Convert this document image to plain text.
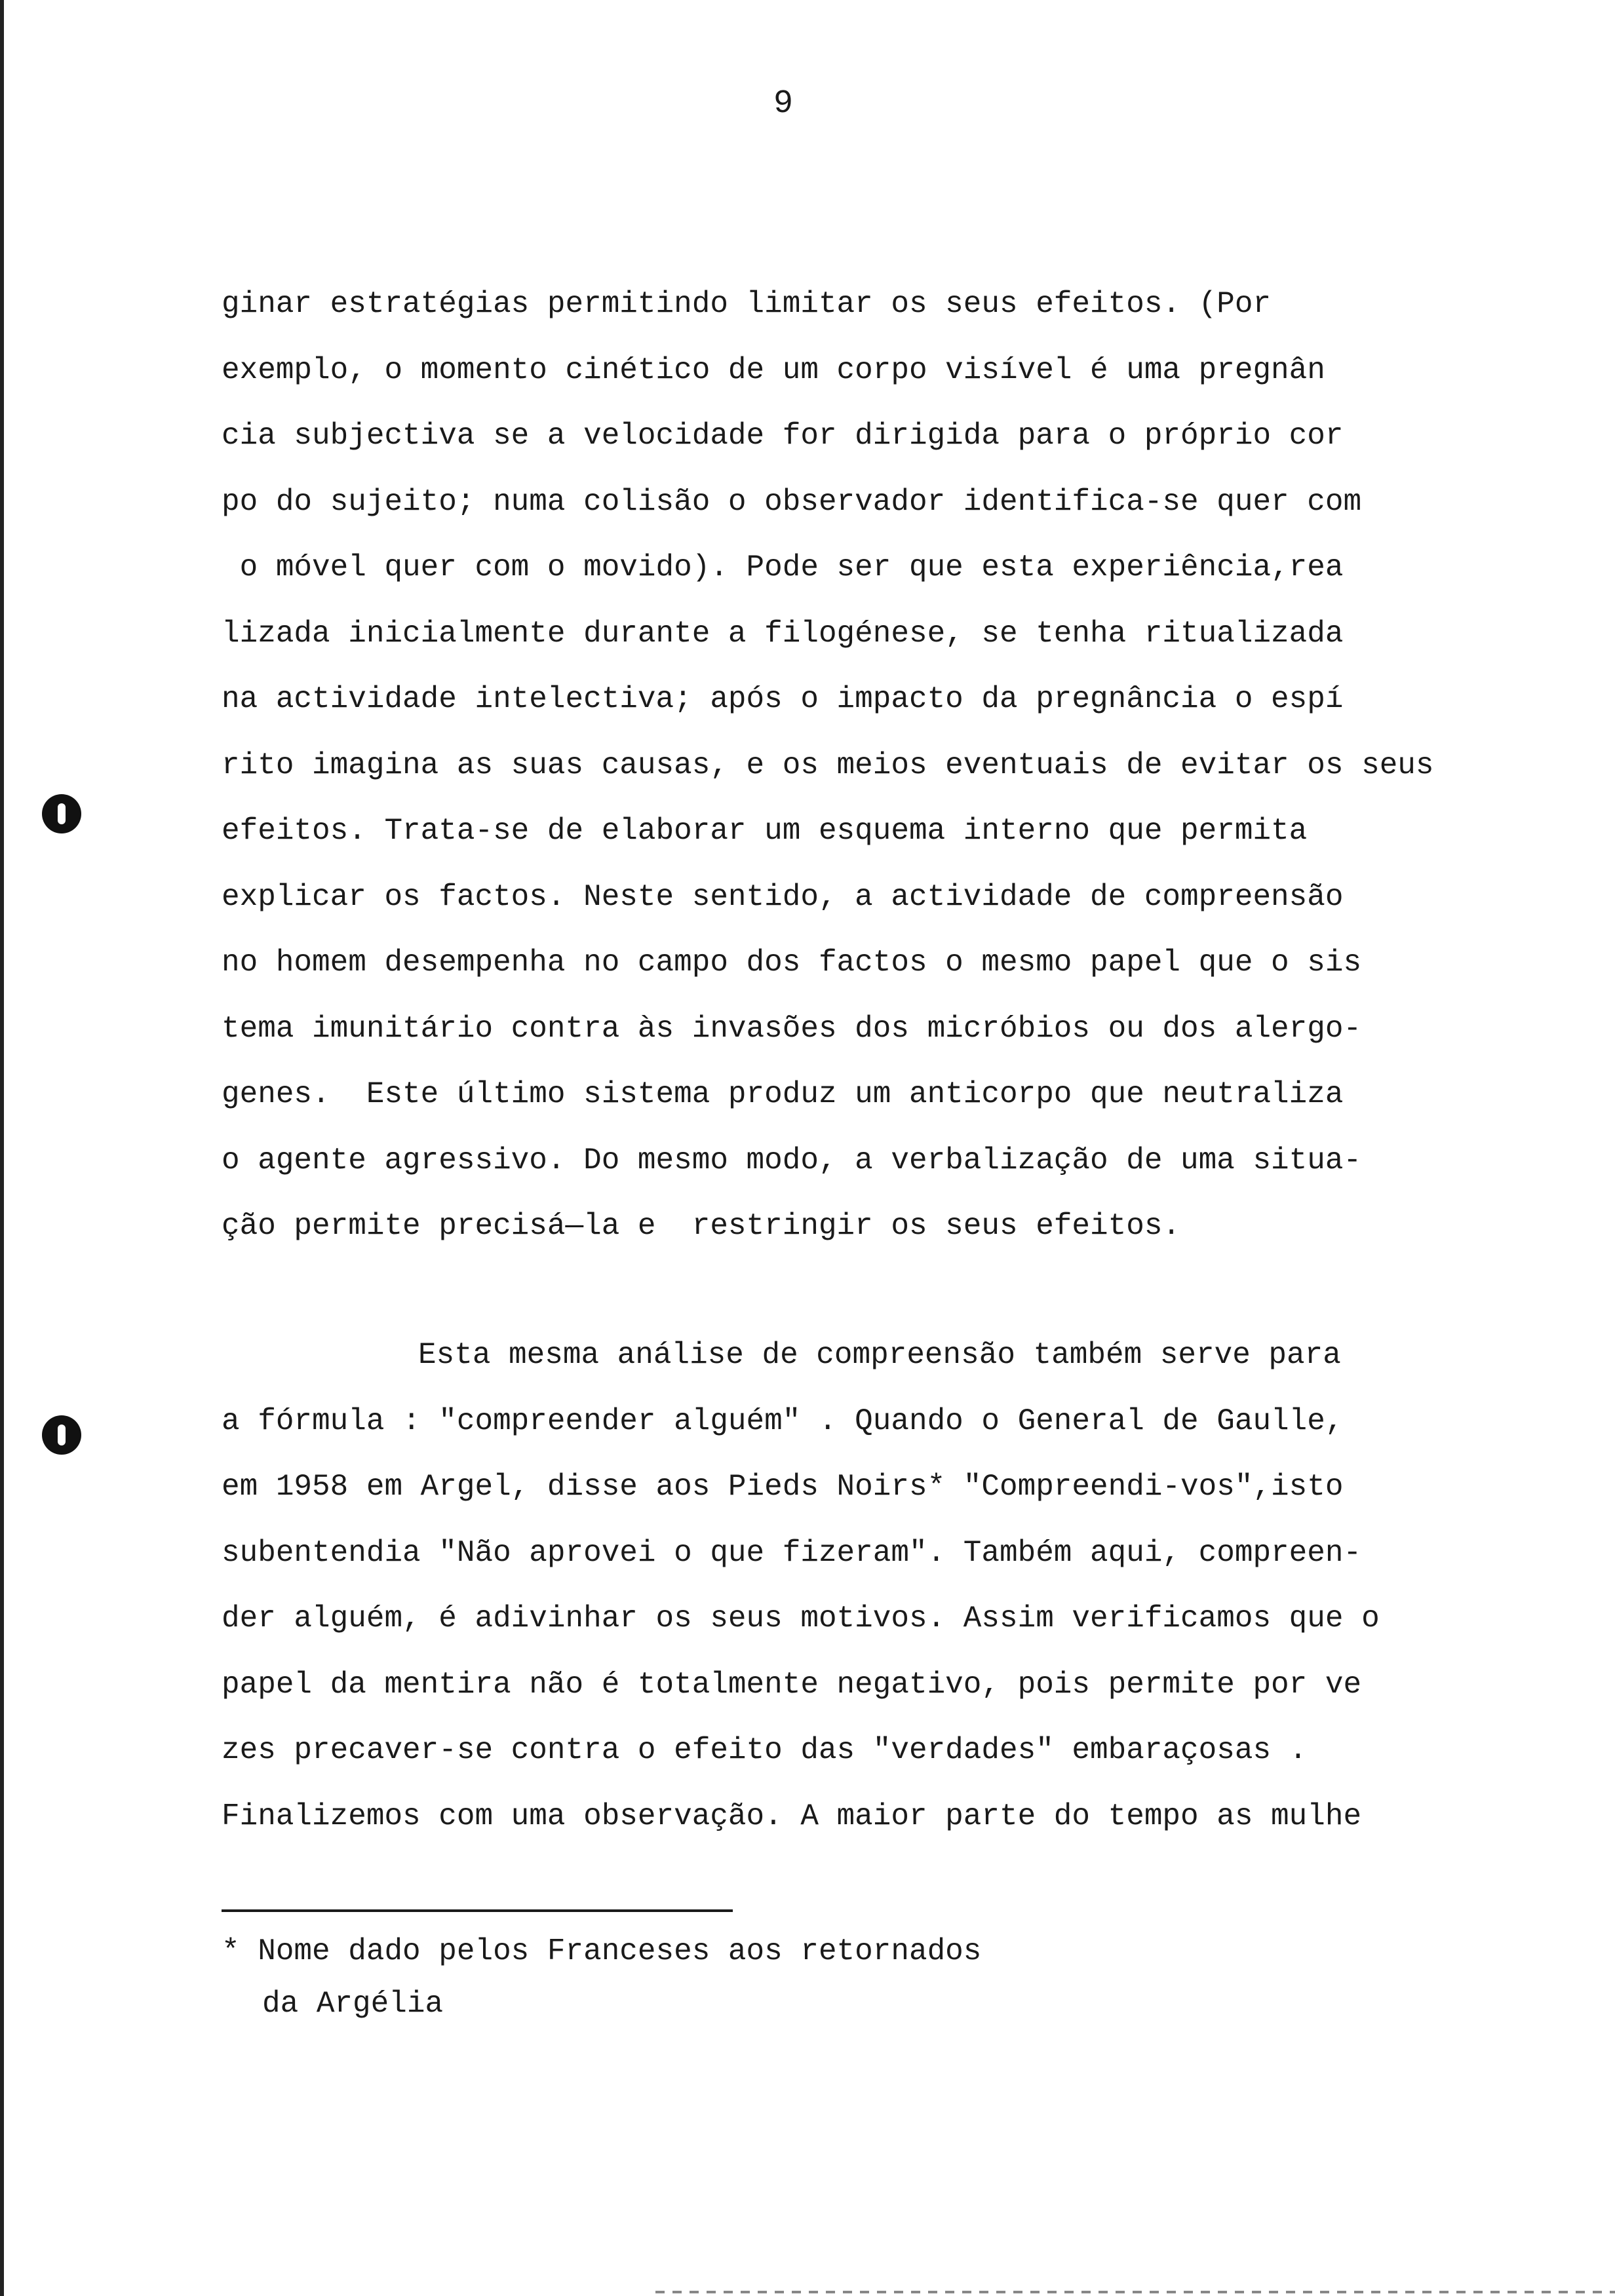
9
ginar estratégias permitindo limitar os seus efeitos. (Por
exemplo, o momento cinético de um corpo visível é uma pregnân
cia subjectiva se a velocidade for dirigida para o próprio cor
po do sujeito; numa colisão o observador identifica-se quer com
o móvel quer com o movido). Pode ser que esta experiência,rea
lizada inicialmente durante a filogénese, se tenha ritualizada
na actividade intelectiva; após o impacto da pregnância o espí
rito imagina as suas causas, e os meios eventuais de evitar os seus
efeitos. Trata-se de elaborar um esquema interno que permita
explicar os factos. Neste sentido, a actividade de compreensão
no homem desempenha no campo dos factos o mesmo papel que o sis
tema imunitário contra às invasões dos micróbios ou dos alergo-
genes.  Este último sistema produz um anticorpo que neutraliza
o agente agressivo. Do mesmo modo, a verbalização de uma situa-
ção permite precisá—la e  restringir os seus efeitos.
Esta mesma análise de compreensão também serve para
a fórmula : "compreender alguém" . Quando o General de Gaulle,
em 1958 em Argel, disse aos Pieds Noirs* "Compreendi-vos",isto
subentendia "Não aprovei o que fizeram". Também aqui, compreen-
der alguém, é adivinhar os seus motivos. Assim verificamos que o
papel da mentira não é totalmente negativo, pois permite por ve
zes precaver-se contra o efeito das "verdades" embaraçosas .
Finalizemos com uma observação. A maior parte do tempo as mulhe
* Nome dado pelos Franceses aos retornados
da Argélia
